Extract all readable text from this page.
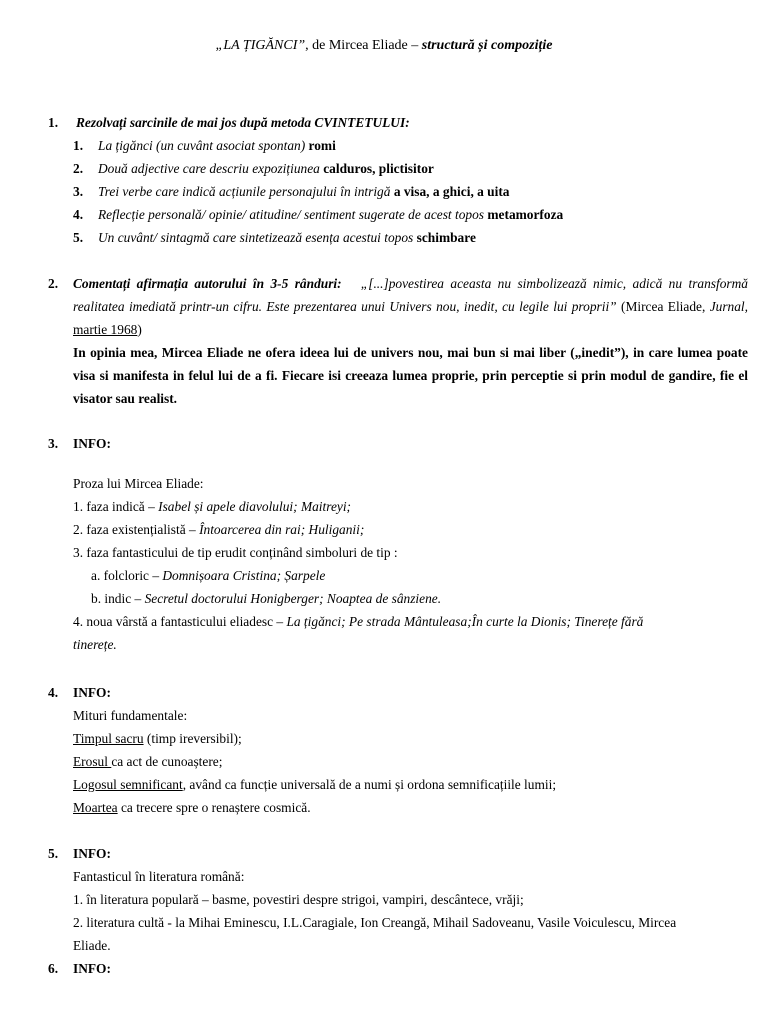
„LA ȚIGĂNCI”, de Mircea Eliade – structură și compoziție
1. Rezolvați sarcinile de mai jos după metoda CVINTETULUI:
1. La țigănci (un cuvânt asociat spontan) romi
2. Două adjective care descriu expozițiunea calduros, plictisitor
3. Trei verbe care indică acțiunile personajului în intrigă a visa, a ghici, a uita
4. Reflecție personală/ opinie/ atitudine/ sentiment sugerate de acest topos metamorfoza
5. Un cuvânt/ sintagmă care sintetizează esența acestui topos schimbare
2. Comentați afirmația autorului în 3-5 rânduri: „[...]povestirea aceasta nu simbolizează nimic, adică nu transformă realitatea imediată printr-un cifru. Este prezentarea unui Univers nou, inedit, cu legile lui proprii” (Mircea Eliade, Jurnal, martie 1968)
In opinia mea, Mircea Eliade ne ofera ideea lui de univers nou, mai bun si mai liber („inedit”), in care lumea poate visa si manifesta in felul lui de a fi. Fiecare isi creeaza lumea proprie, prin perceptie si prin modul de gandire, fie el visator sau realist.
3. INFO:
Proza lui Mircea Eliade:
1. faza indică – Isabel și apele diavolului; Maitreyi;
2. faza existențialistă – Întoarcerea din rai; Huliganii;
3. faza fantasticului de tip erudit conținând simboluri de tip :
a. folcloric – Domnișoara Cristina; Șarpele
b. indic – Secretul doctorului Honigberger; Noaptea de sânziene.
4. noua vârstă a fantasticului eliadesc – La țigănci; Pe strada Mântuleasa;În curte la Dionis; Tinerețe fără
tinerețe.
4. INFO:
Mituri fundamentale:
Timpul sacru (timp ireversibil);
Erosul ca act de cunoaștere;
Logosul semnificant, având ca funcție universală de a numi și ordona semnificațiile lumii;
Moartea ca trecere spre o renaștere cosmică.
5. INFO:
Fantasticul în literatura română:
1. în literatura populară – basme, povestiri despre strigoi, vampiri, descântece, vrăji;
2. literatura cultă - la Mihai Eminescu, I.L.Caragiale, Ion Creangă, Mihail Sadoveanu, Vasile Voiculescu, Mircea
Eliade.
6. INFO:
